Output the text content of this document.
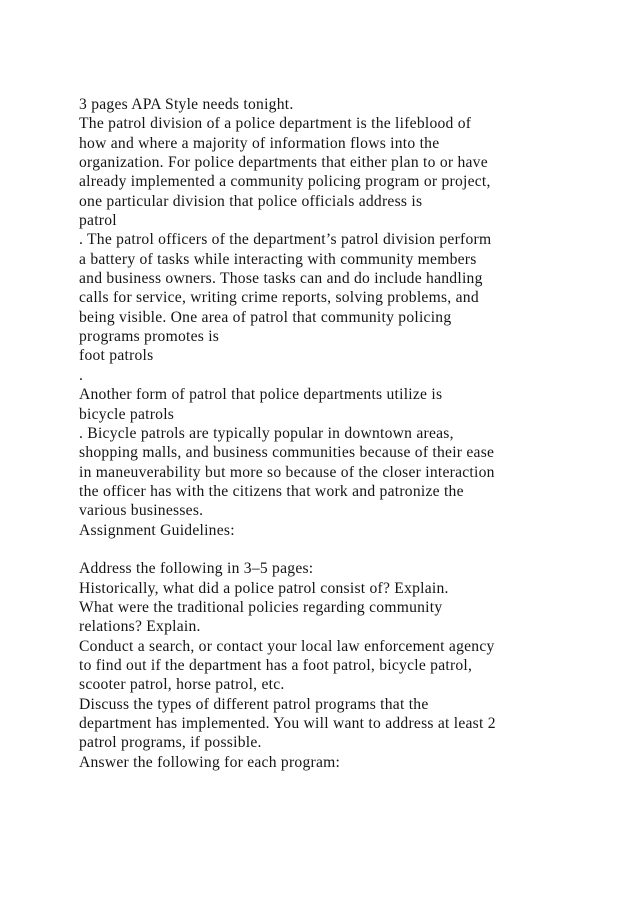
3 pages APA Style needs tonight.
The patrol division of a police department is the lifeblood of
how and where a majority of information flows into the
organization. For police departments that either plan to or have
already implemented a community policing program or project,
one particular division that police officials address is
patrol
. The patrol officers of the department’s patrol division perform
a battery of tasks while interacting with community members
and business owners. Those tasks can and do include handling
calls for service, writing crime reports, solving problems, and
being visible. One area of patrol that community policing
programs promotes is
foot patrols
.
Another form of patrol that police departments utilize is
bicycle patrols
. Bicycle patrols are typically popular in downtown areas,
shopping malls, and business communities because of their ease
in maneuverability but more so because of the closer interaction
the officer has with the citizens that work and patronize the
various businesses.
Assignment Guidelines:
Address the following in 3–5 pages:
Historically, what did a police patrol consist of? Explain.
What were the traditional policies regarding community
relations? Explain.
Conduct a search, or contact your local law enforcement agency
to find out if the department has a foot patrol, bicycle patrol,
scooter patrol, horse patrol, etc.
Discuss the types of different patrol programs that the
department has implemented. You will want to address at least 2
patrol programs, if possible.
Answer the following for each program:
